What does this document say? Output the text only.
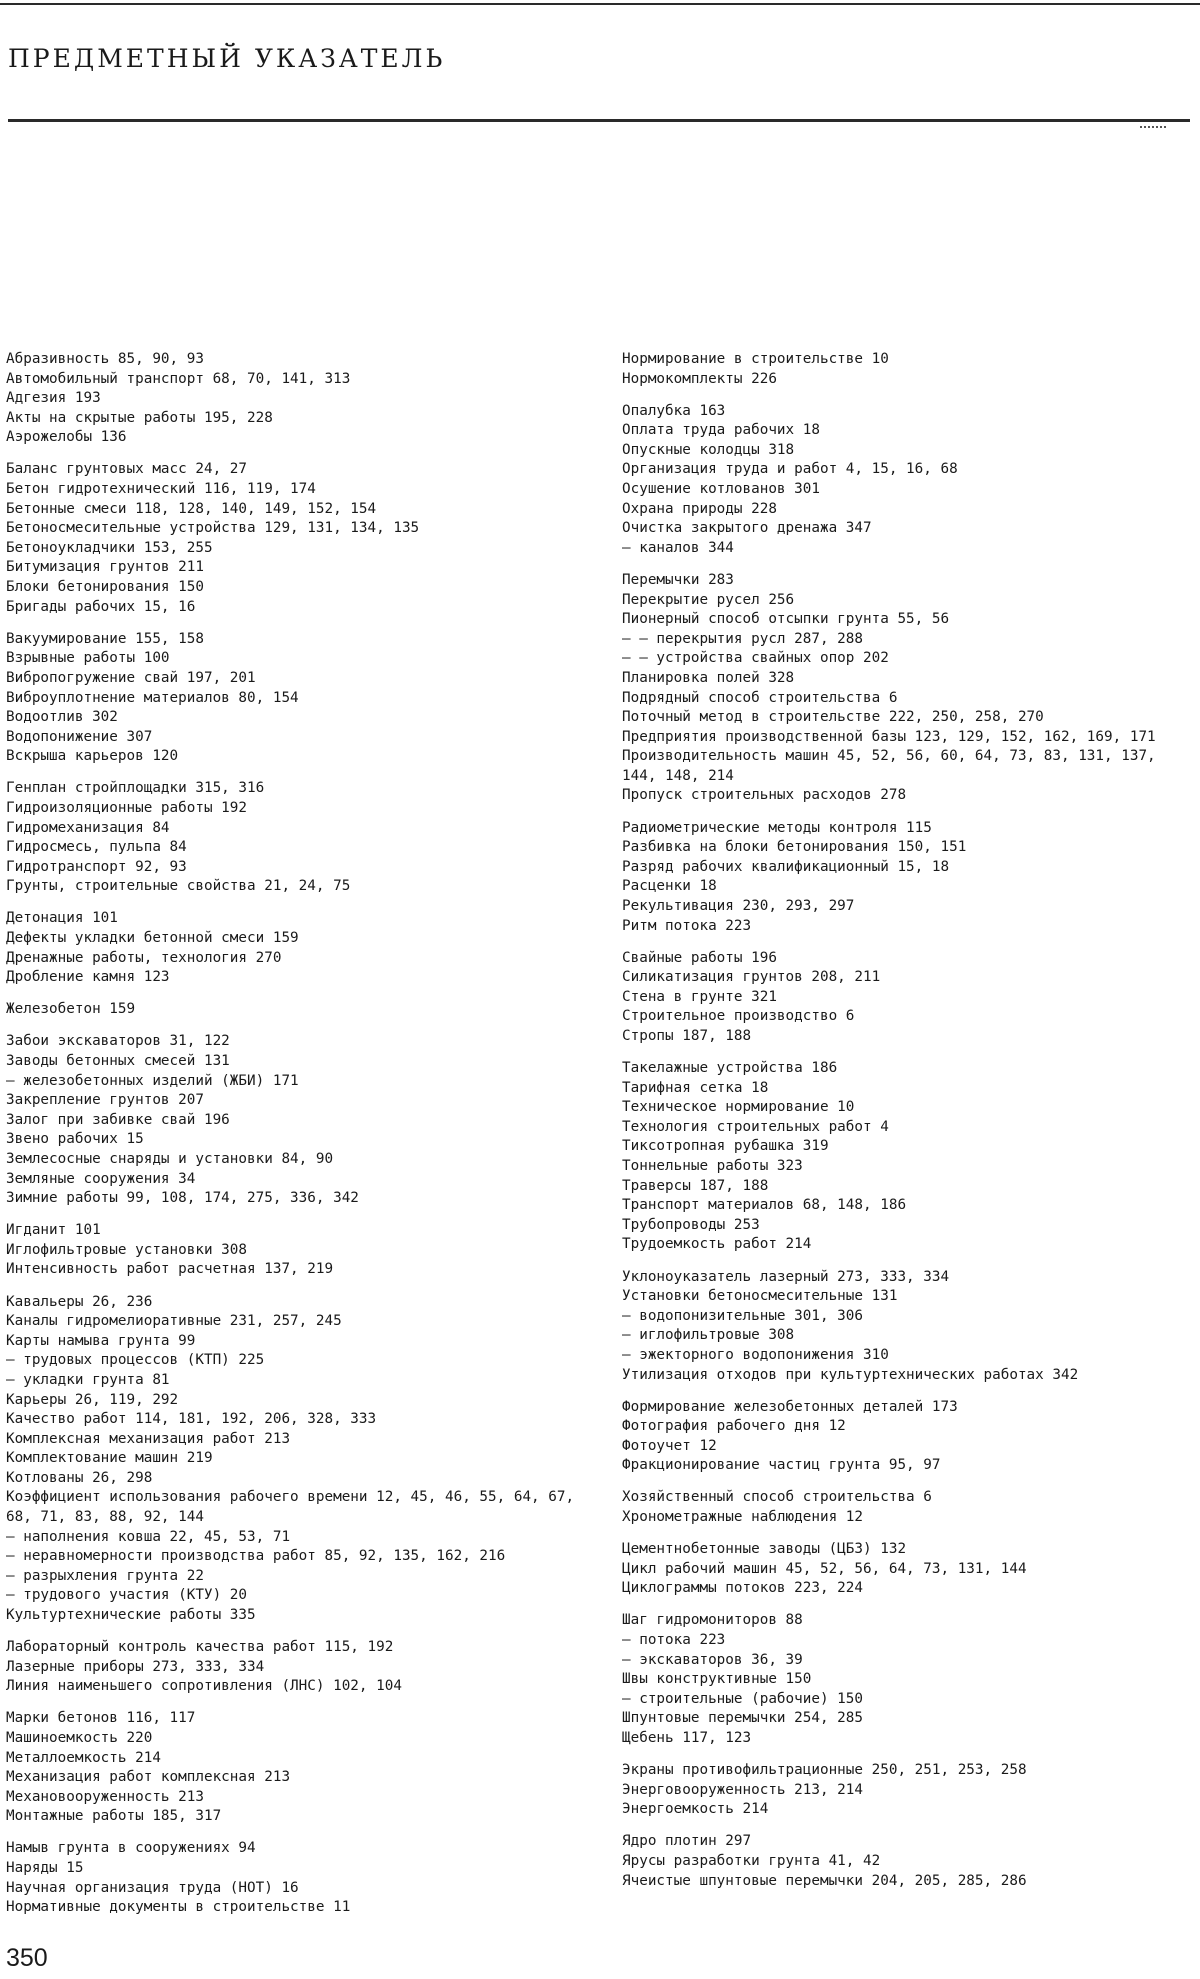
ПРЕДМЕТНЫЙ УКАЗАТЕЛЬ
Абразивность 85, 90, 93
Автомобильный транспорт 68, 70, 141, 313
Адгезия 193
Акты на скрытые работы 195, 228
Аэрожелобы 136
Баланс грунтовых масс 24, 27
Бетон гидротехнический 116, 119, 174
Бетонные смеси 118, 128, 140, 149, 152, 154
Бетоносмесительные устройства 129, 131, 134, 135
Бетоноукладчики 153, 255
Битумизация грунтов 211
Блоки бетонирования 150
Бригады рабочих 15, 16
Вакуумирование 155, 158
Взрывные работы 100
Вибропогружение свай 197, 201
Виброуплотнение материалов 80, 154
Водоотлив 302
Водопонижение 307
Вскрыша карьеров 120
Генплан стройплощадки 315, 316
Гидроизоляционные работы 192
Гидромеханизация 84
Гидросмесь, пульпа 84
Гидротранспорт 92, 93
Грунты, строительные свойства 21, 24, 75
Детонация 101
Дефекты укладки бетонной смеси 159
Дренажные работы, технология 270
Дробление камня 123
Железобетон 159
Забои экскаваторов 31, 122
Заводы бетонных смесей 131
— железобетонных изделий (ЖБИ) 171
Закрепление грунтов 207
Залог при забивке свай 196
Звено рабочих 15
Землесосные снаряды и установки 84, 90
Земляные сооружения 34
Зимние работы 99, 108, 174, 275, 336, 342
Игданит 101
Иглофильтровые установки 308
Интенсивность работ расчетная 137, 219
Кавальеры 26, 236
Каналы гидромелиоративные 231, 257, 245
Карты намыва грунта 99
— трудовых процессов (КТП) 225
— укладки грунта 81
Карьеры 26, 119, 292
Качество работ 114, 181, 192, 206, 328, 333
Комплексная механизация работ 213
Комплектование машин 219
Котлованы 26, 298
Коэффициент использования рабочего времени 12, 45, 46, 55, 64, 67, 68, 71, 83, 88, 92, 144
— наполнения ковша 22, 45, 53, 71
— неравномерности производства работ 85, 92, 135, 162, 216
— разрыхления грунта 22
— трудового участия (КТУ) 20
Культуртехнические работы 335
Лабораторный контроль качества работ 115, 192
Лазерные приборы 273, 333, 334
Линия наименьшего сопротивления (ЛНС) 102, 104
Марки бетонов 116, 117
Машиноемкость 220
Металлоемкость 214
Механизация работ комплексная 213
Механовооруженность 213
Монтажные работы 185, 317
Намыв грунта в сооружениях 94
Наряды 15
Научная организация труда (НОТ) 16
Нормативные документы в строительстве 11
Нормирование в строительстве 10
Нормокомплекты 226
Опалубка 163
Оплата труда рабочих 18
Опускные колодцы 318
Организация труда и работ 4, 15, 16, 68
Осушение котлованов 301
Охрана природы 228
Очистка закрытого дренажа 347
— каналов 344
Перемычки 283
Перекрытие русел 256
Пионерный способ отсыпки грунта 55, 56
— — перекрытия русл 287, 288
— — устройства свайных опор 202
Планировка полей 328
Подрядный способ строительства 6
Поточный метод в строительстве 222, 250, 258, 270
Предприятия производственной базы 123, 129, 152, 162, 169, 171
Производительность машин 45, 52, 56, 60, 64, 73, 83, 131, 137, 144, 148, 214
Пропуск строительных расходов 278
Радиометрические методы контроля 115
Разбивка на блоки бетонирования 150, 151
Разряд рабочих квалификационный 15, 18
Расценки 18
Рекультивация 230, 293, 297
Ритм потока 223
Свайные работы 196
Силикатизация грунтов 208, 211
Стена в грунте 321
Строительное производство 6
Стропы 187, 188
Такелажные устройства 186
Тарифная сетка 18
Техническое нормирование 10
Технология строительных работ 4
Тиксотропная рубашка 319
Тоннельные работы 323
Траверсы 187, 188
Транспорт материалов 68, 148, 186
Трубопроводы 253
Трудоемкость работ 214
Уклоноуказатель лазерный 273, 333, 334
Установки бетоносмесительные 131
— водопонизительные 301, 306
— иглофильтровые 308
— эжекторного водопонижения 310
Утилизация отходов при культуртехнических работах 342
Формирование железобетонных деталей 173
Фотография рабочего дня 12
Фотоучет 12
Фракционирование частиц грунта 95, 97
Хозяйственный способ строительства 6
Хронометражные наблюдения 12
Цементнобетонные заводы (ЦБЗ) 132
Цикл рабочий машин 45, 52, 56, 64, 73, 131, 144
Циклограммы потоков 223, 224
Шаг гидромониторов 88
— потока 223
— экскаваторов 36, 39
Швы конструктивные 150
— строительные (рабочие) 150
Шпунтовые перемычки 254, 285
Щебень 117, 123
Экраны противофильтрационные 250, 251, 253, 258
Энерговооруженность 213, 214
Энергоемкость 214
Ядро плотин 297
Ярусы разработки грунта 41, 42
Ячеистые шпунтовые перемычки 204, 205, 285, 286
350
